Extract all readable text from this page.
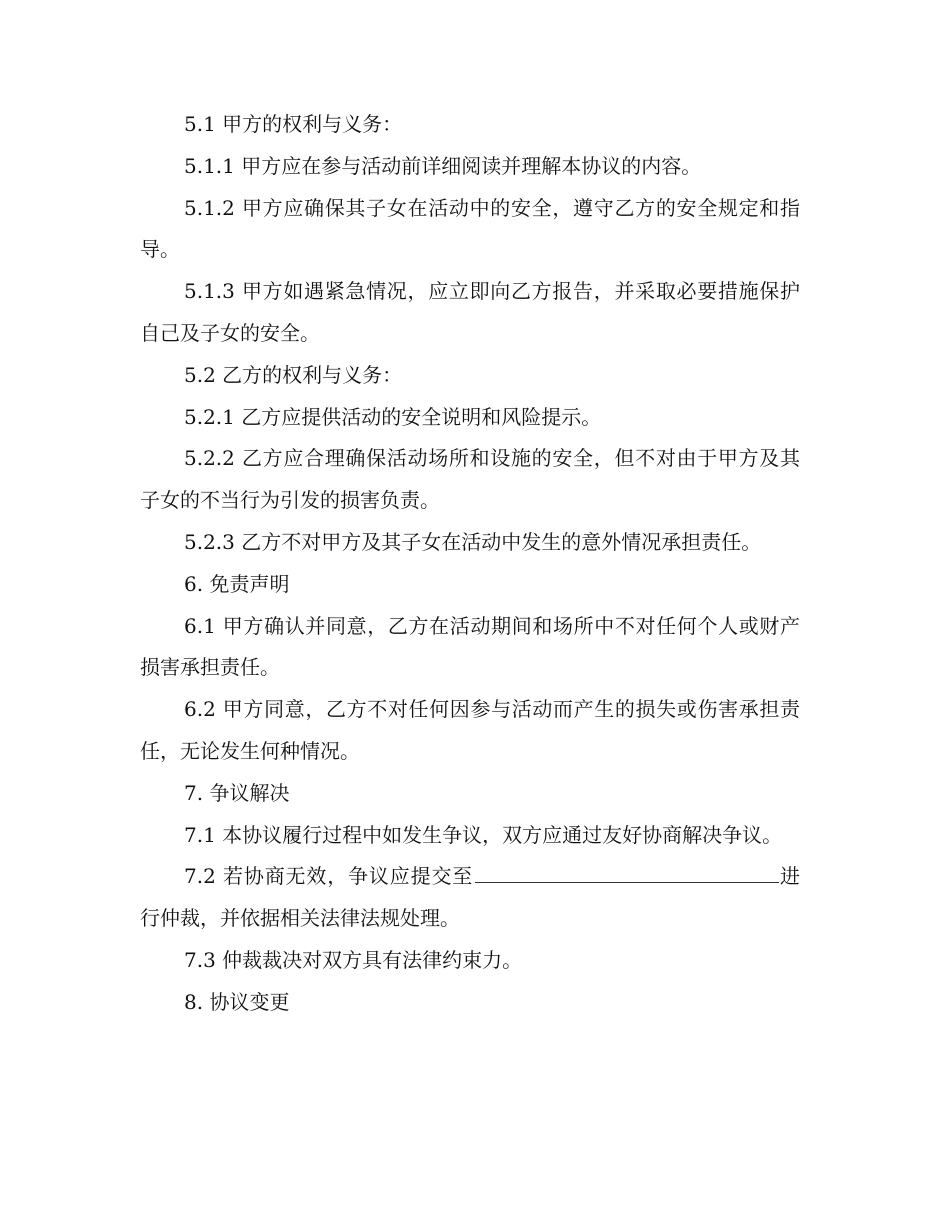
5.1 甲方的权利与义务：

5.1.1 甲方应在参与活动前详细阅读并理解本协议的内容。

5.1.2 甲方应确保其子女在活动中的安全，遵守乙方的安全规定和指导。

5.1.3 甲方如遇紧急情况，应立即向乙方报告，并采取必要措施保护自己及子女的安全。

5.2 乙方的权利与义务：

5.2.1 乙方应提供活动的安全说明和风险提示。

5.2.2 乙方应合理确保活动场所和设施的安全，但不对由于甲方及其子女的不当行为引发的损害负责。

5.2.3 乙方不对甲方及其子女在活动中发生的意外情况承担责任。

6. 免责声明

6.1 甲方确认并同意，乙方在活动期间和场所中不对任何个人或财产损害承担责任。

6.2 甲方同意，乙方不对任何因参与活动而产生的损失或伤害承担责任，无论发生何种情况。

7. 争议解决

7.1 本协议履行过程中如发生争议，双方应通过友好协商解决争议。

7.2 若协商无效，争议应提交至	进行仲裁，并依据相关法律法规处理。

7.3 仲裁裁决对双方具有法律约束力。

8. 协议变更
